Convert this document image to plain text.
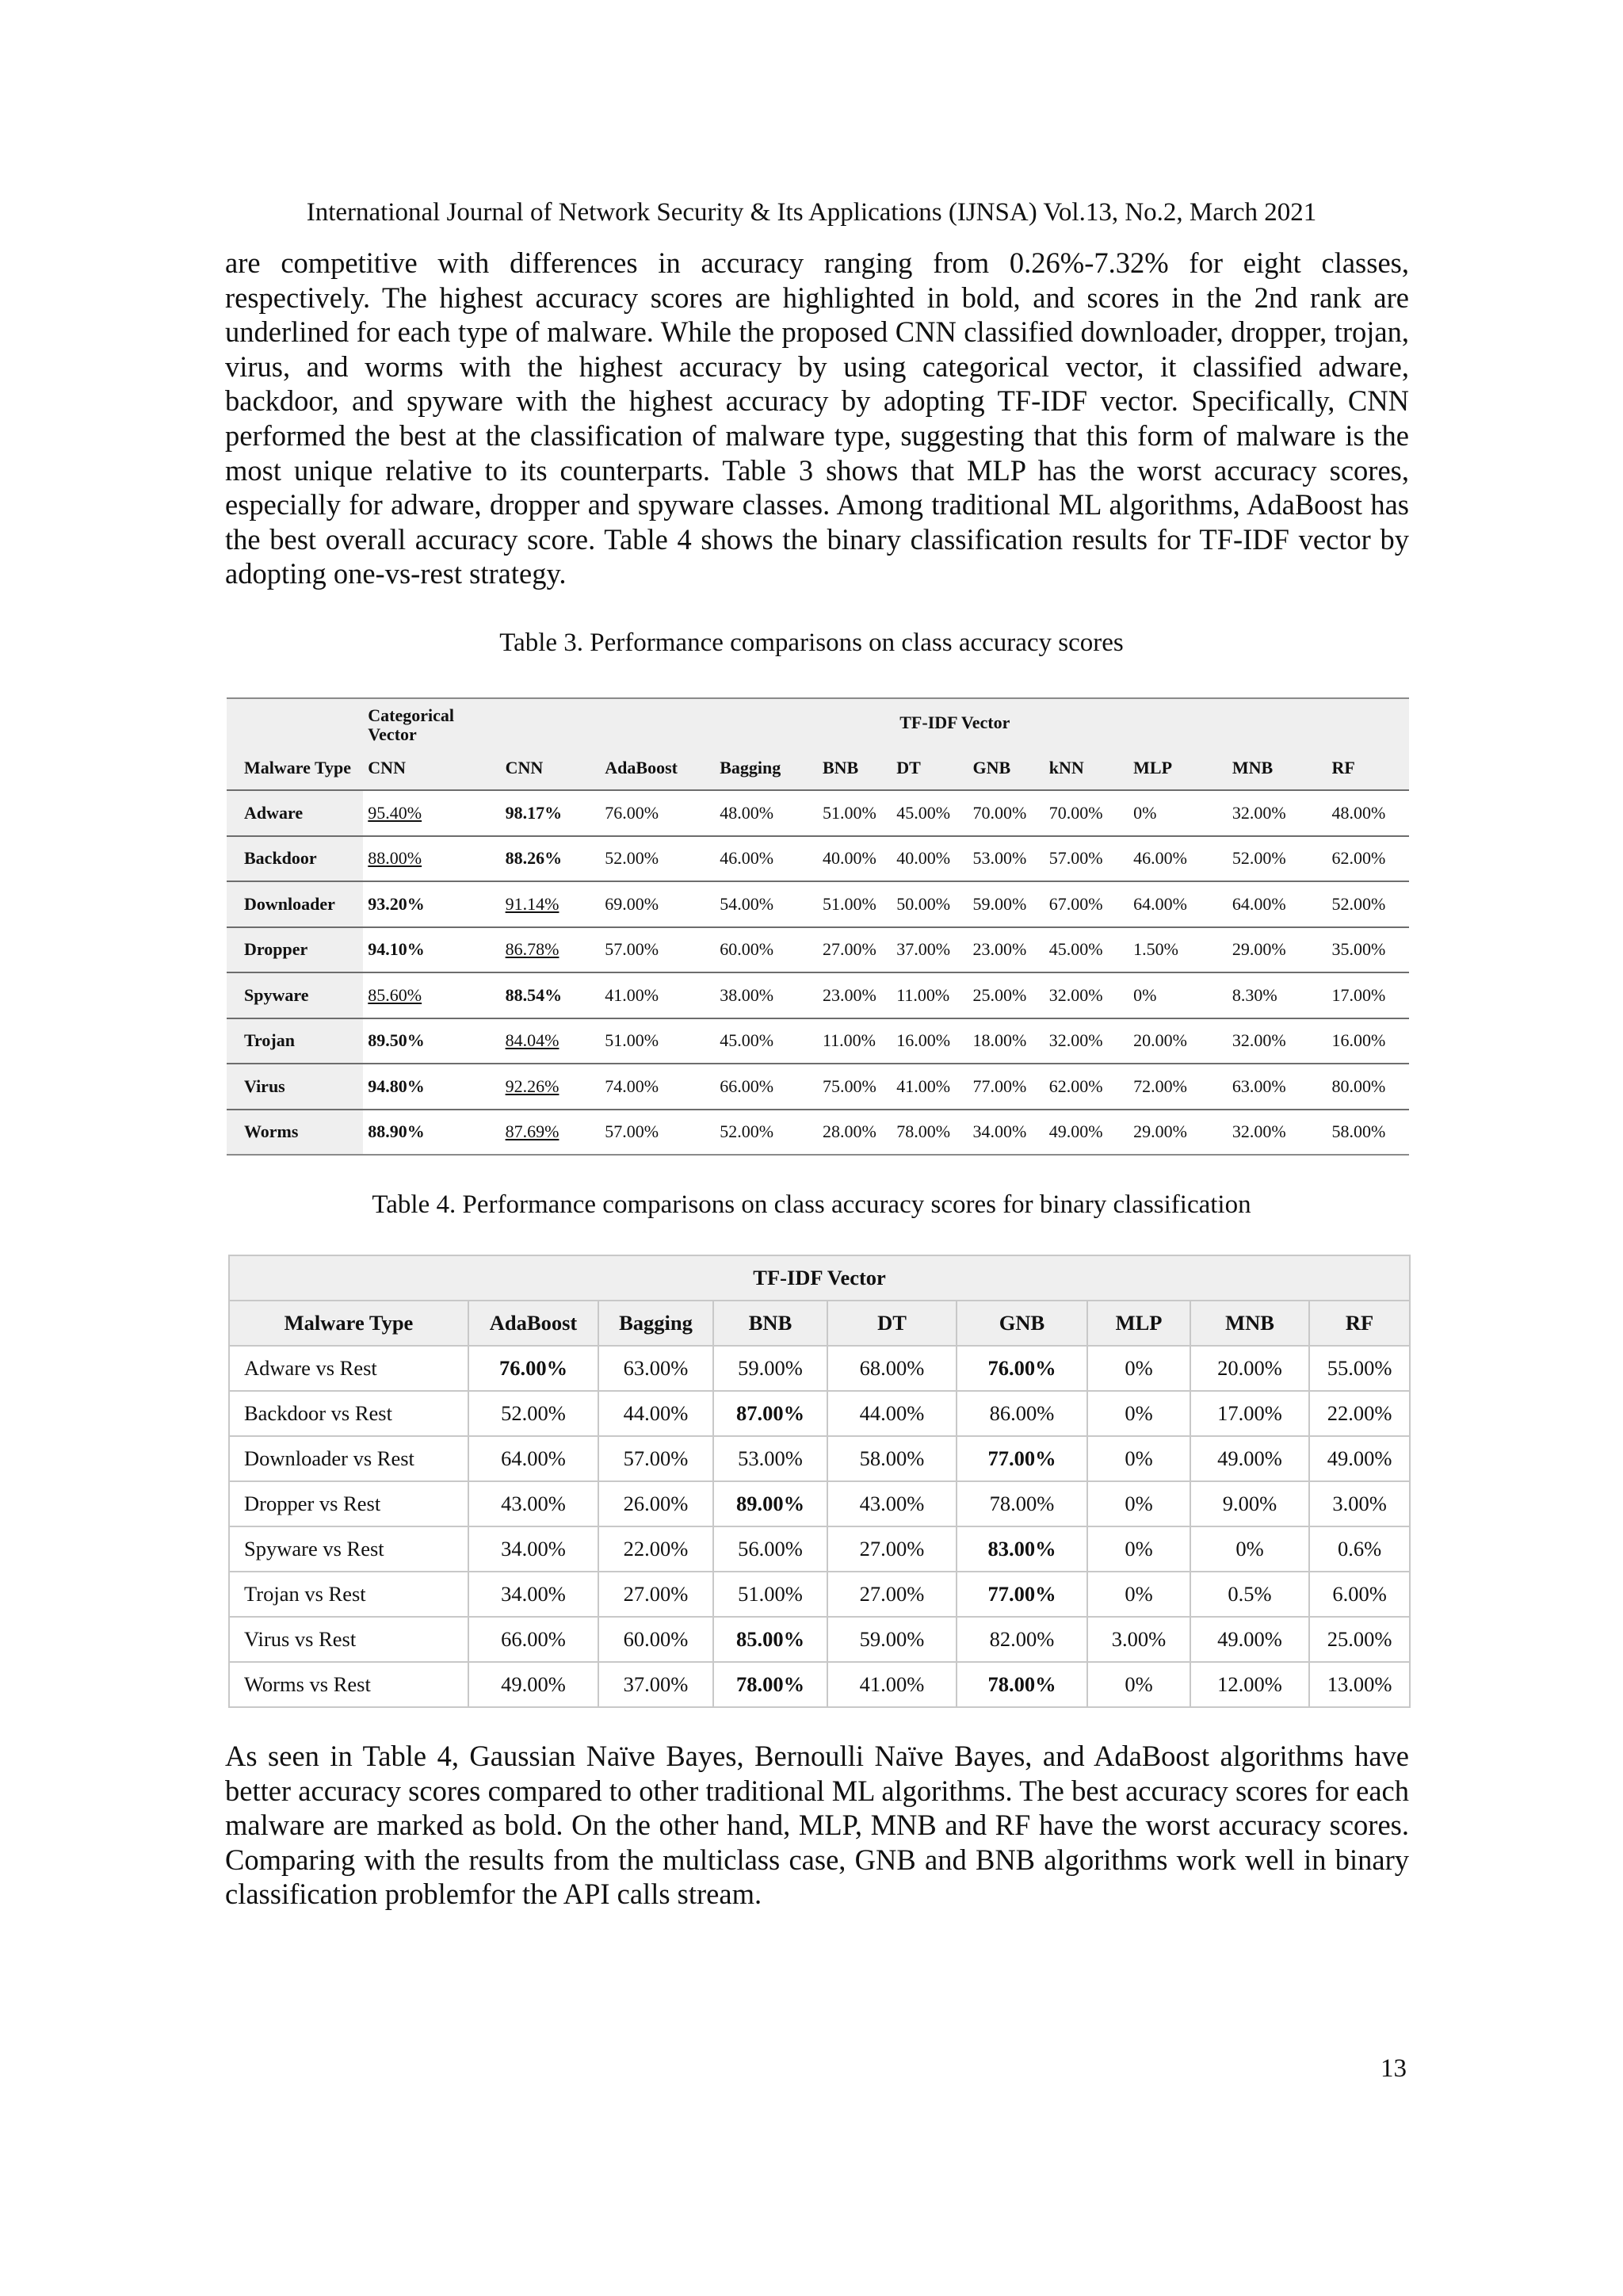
International Journal of Network Security & Its Applications (IJNSA) Vol.13, No.2, March 2021

are competitive with differences in accuracy ranging from 0.26%-7.32% for eight classes, respectively. The highest accuracy scores are highlighted in bold, and scores in the 2nd rank are underlined for each type of malware. While the proposed CNN classified downloader, dropper, trojan, virus, and worms with the highest accuracy by using categorical vector, it classified adware, backdoor, and spyware with the highest accuracy by adopting TF-IDF vector. Specifically, CNN performed the best at the classification of malware type, suggesting that this form of malware is the most unique relative to its counterparts. Table 3 shows that MLP has the worst accuracy scores, especially for adware, dropper and spyware classes. Among traditional ML algorithms, AdaBoost has the best overall accuracy score. Table 4 shows the binary classification results for TF-IDF vector by adopting one-vs-rest strategy.

Table 3. Performance comparisons on class accuracy scores
	Categorical Vector	TF-IDF Vector									
Malware Type	CNN	CNN	AdaBoost	Bagging	BNB	DT	GNB	kNN	MLP	MNB	RF
Adware	95.40%	98.17%	76.00%	48.00%	51.00%	45.00%	70.00%	70.00%	0%	32.00%	48.00%
Backdoor	88.00%	88.26%	52.00%	46.00%	40.00%	40.00%	53.00%	57.00%	46.00%	52.00%	62.00%
Downloader	93.20%	91.14%	69.00%	54.00%	51.00%	50.00%	59.00%	67.00%	64.00%	64.00%	52.00%
Dropper	94.10%	86.78%	57.00%	60.00%	27.00%	37.00%	23.00%	45.00%	1.50%	29.00%	35.00%
Spyware	85.60%	88.54%	41.00%	38.00%	23.00%	11.00%	25.00%	32.00%	0%	8.30%	17.00%
Trojan	89.50%	84.04%	51.00%	45.00%	11.00%	16.00%	18.00%	32.00%	20.00%	32.00%	16.00%
Virus	94.80%	92.26%	74.00%	66.00%	75.00%	41.00%	77.00%	62.00%	72.00%	63.00%	80.00%
Worms	88.90%	87.69%	57.00%	52.00%	28.00%	78.00%	34.00%	49.00%	29.00%	32.00%	58.00%
Table 4. Performance comparisons on class accuracy scores for binary classification
TF-IDF Vector								
Malware Type	AdaBoost	Bagging	BNB	DT	GNB	MLP	MNB	RF
Adware vs Rest	76.00%	63.00%	59.00%	68.00%	76.00%	0%	20.00%	55.00%
Backdoor vs Rest	52.00%	44.00%	87.00%	44.00%	86.00%	0%	17.00%	22.00%
Downloader vs Rest	64.00%	57.00%	53.00%	58.00%	77.00%	0%	49.00%	49.00%
Dropper vs Rest	43.00%	26.00%	89.00%	43.00%	78.00%	0%	9.00%	3.00%
Spyware vs Rest	34.00%	22.00%	56.00%	27.00%	83.00%	0%	0%	0.6%
Trojan vs Rest	34.00%	27.00%	51.00%	27.00%	77.00%	0%	0.5%	6.00%
Virus vs Rest	66.00%	60.00%	85.00%	59.00%	82.00%	3.00%	49.00%	25.00%
Worms vs Rest	49.00%	37.00%	78.00%	41.00%	78.00%	0%	12.00%	13.00%

As seen in Table 4, Gaussian Naïve Bayes, Bernoulli Naïve Bayes, and AdaBoost algorithms have better accuracy scores compared to other traditional ML algorithms. The best accuracy scores for each malware are marked as bold. On the other hand, MLP, MNB and RF have the worst accuracy scores. Comparing with the results from the multiclass case, GNB and BNB algorithms work well in binary classification problemfor the API calls stream.

13
